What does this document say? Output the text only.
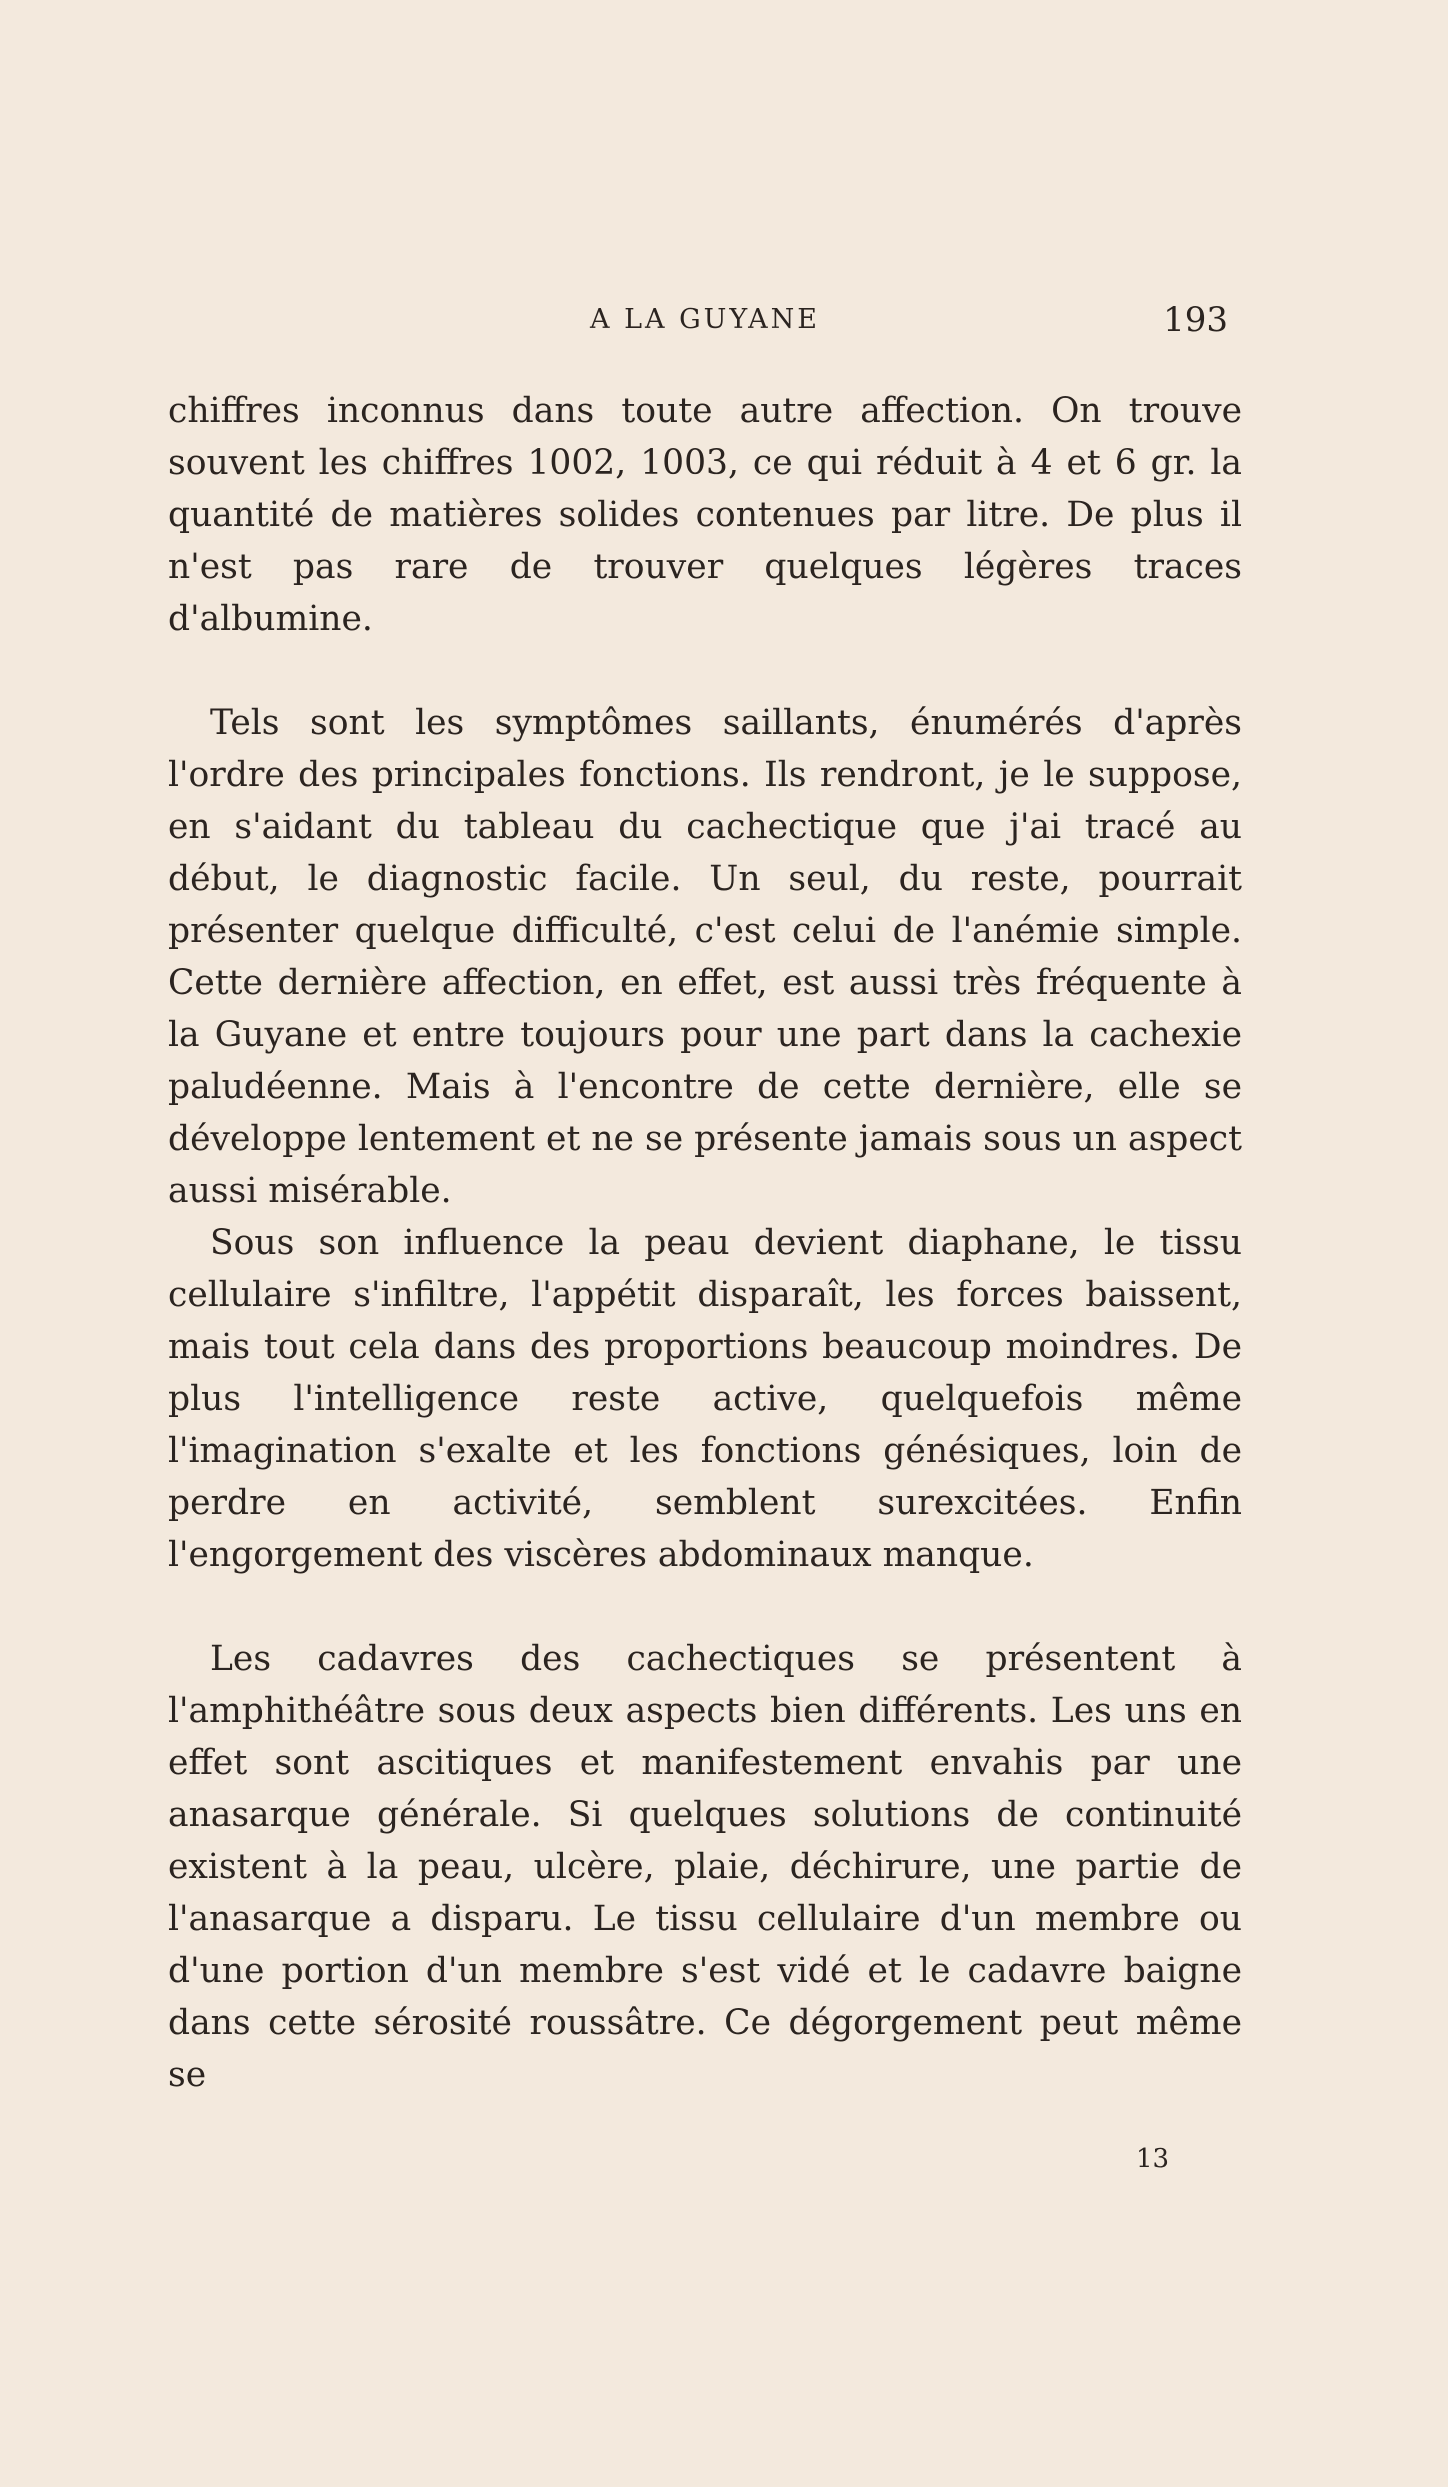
A LA GUYANE	193

chiffres inconnus dans toute autre affection. On trouve souvent les chiffres 1002, 1003, ce qui réduit à 4 et 6 gr. la quantité de matières solides contenues par litre. De plus il n'est pas rare de trouver quelques légères traces d'albumine.

Tels sont les symptômes saillants, énumérés d'après l'ordre des principales fonctions. Ils rendront, je le suppose, en s'aidant du tableau du cachectique que j'ai tracé au début, le diagnostic facile. Un seul, du reste, pourrait présenter quelque difficulté, c'est celui de l'anémie simple. Cette dernière affection, en effet, est aussi très fréquente à la Guyane et entre toujours pour une part dans la cachexie paludéenne. Mais à l'encontre de cette dernière, elle se développe lentement et ne se présente jamais sous un aspect aussi misérable.

Sous son influence la peau devient diaphane, le tissu cellulaire s'infiltre, l'appétit disparaît, les forces baissent, mais tout cela dans des proportions beaucoup moindres. De plus l'intelligence reste active, quelquefois même l'imagination s'exalte et les fonctions génésiques, loin de perdre en activité, semblent surexcitées. Enfin l'engorgement des viscères abdominaux manque.

Les cadavres des cachectiques se présentent à l'amphithéâtre sous deux aspects bien différents. Les uns en effet sont ascitiques et manifestement envahis par une anasarque générale. Si quelques solutions de continuité existent à la peau, ulcère, plaie, déchirure, une partie de l'anasarque a disparu. Le tissu cellulaire d'un membre ou d'une portion d'un membre s'est vidé et le cadavre baigne dans cette sérosité roussâtre. Ce dégorgement peut même se

13
